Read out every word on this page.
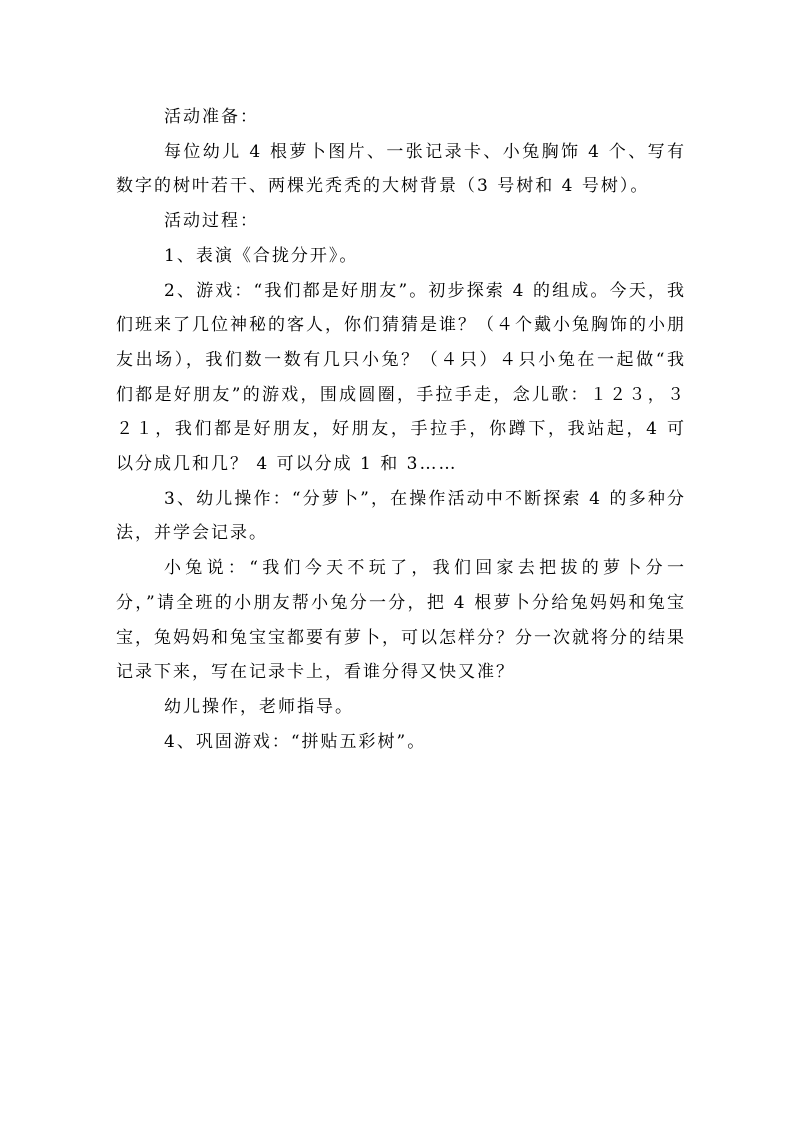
活动准备：

每位幼儿 4 根萝卜图片、一张记录卡、小兔胸饰 4 个、写有数字的树叶若干、两棵光秃秃的大树背景（3 号树和 4 号树）。

活动过程：

1、表演《合拢分开》。

2、游戏：“我们都是好朋友”。初步探索 4 的组成。今天，我们班来了几位神秘的客人，你们猜猜是谁？（４个戴小兔胸饰的小朋友出场），我们数一数有几只小兔？（４只）４只小兔在一起做“我们都是好朋友”的游戏，围成圆圈，手拉手走，念儿歌：１２３，３２１，我们都是好朋友，好朋友，手拉手，你蹲下，我站起，4 可以分成几和几？ 4 可以分成 1 和 3……

3、幼儿操作：“分萝卜”，在操作活动中不断探索 4 的多种分法，并学会记录。

小兔说：“我们今天不玩了，我们回家去把拔的萝卜分一分，”请全班的小朋友帮小兔分一分，把 4 根萝卜分给兔妈妈和兔宝宝，兔妈妈和兔宝宝都要有萝卜，可以怎样分？分一次就将分的结果记录下来，写在记录卡上，看谁分得又快又准？

幼儿操作，老师指导。

4、巩固游戏：“拼贴五彩树”。
